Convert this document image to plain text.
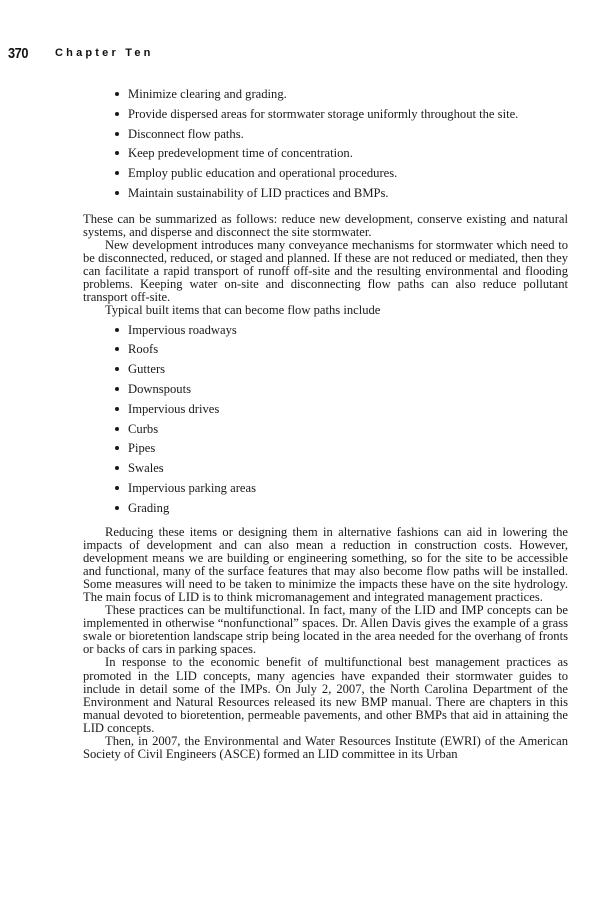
370 Chapter Ten
Minimize clearing and grading.
Provide dispersed areas for stormwater storage uniformly throughout the site.
Disconnect flow paths.
Keep predevelopment time of concentration.
Employ public education and operational procedures.
Maintain sustainability of LID practices and BMPs.

These can be summarized as follows: reduce new development, conserve existing and natural systems, and disperse and disconnect the site stormwater.

New development introduces many conveyance mechanisms for stormwater which need to be disconnected, reduced, or staged and planned. If these are not reduced or mediated, then they can facilitate a rapid transport of runoff off-site and the resulting environmental and flooding problems. Keeping water on-site and disconnecting flow paths can also reduce pollutant transport off-site.

Typical built items that can become flow paths include

Impervious roadways
Roofs
Gutters
Downspouts
Impervious drives
Curbs
Pipes
Swales
Impervious parking areas
Grading

Reducing these items or designing them in alternative fashions can aid in lowering the impacts of development and can also mean a reduction in construction costs. However, development means we are building or engineering something, so for the site to be accessible and functional, many of the surface features that may also become flow paths will be installed. Some measures will need to be taken to minimize the impacts these have on the site hydrology. The main focus of LID is to think micromanagement and integrated management practices.

These practices can be multifunctional. In fact, many of the LID and IMP concepts can be implemented in otherwise “nonfunctional” spaces. Dr. Allen Davis gives the example of a grass swale or bioretention landscape strip being located in the area needed for the overhang of fronts or backs of cars in parking spaces.

In response to the economic benefit of multifunctional best management practices as promoted in the LID concepts, many agencies have expanded their stormwater guides to include in detail some of the IMPs. On July 2, 2007, the North Carolina Department of the Environment and Natural Resources released its new BMP manual. There are chapters in this manual devoted to bioretention, permeable pavements, and other BMPs that aid in attaining the LID concepts.

Then, in 2007, the Environmental and Water Resources Institute (EWRI) of the American Society of Civil Engineers (ASCE) formed an LID committee in its Urban
